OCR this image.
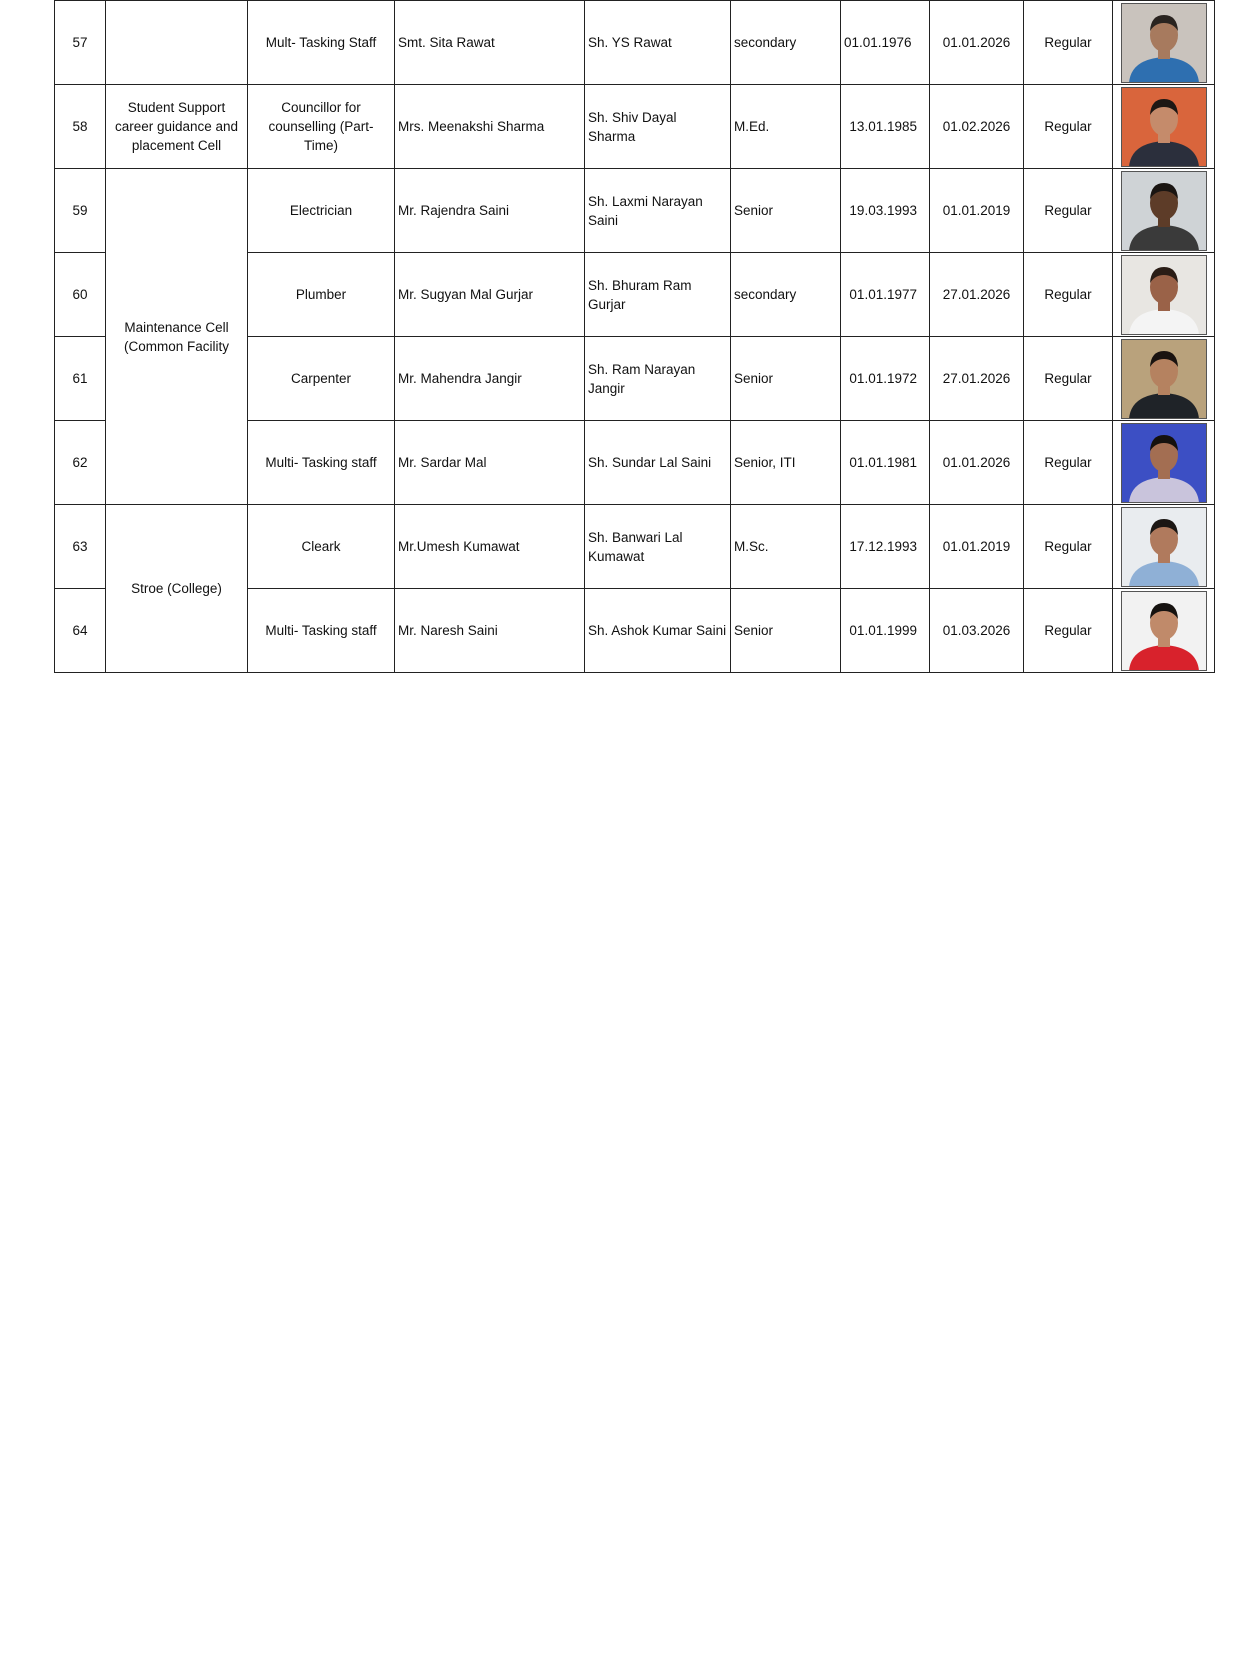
57		Mult- Tasking Staff	Smt. Sita Rawat	Sh. YS Rawat	secondary	01.01.1976	01.01.2026	Regular	
58	Student Support career guidance and placement Cell	Councillor for counselling (Part- Time)	Mrs. Meenakshi Sharma	Sh. Shiv Dayal Sharma	M.Ed.	13.01.1985	01.02.2026	Regular	
59	Maintenance Cell (Common Facility	Electrician	Mr. Rajendra Saini	Sh. Laxmi Narayan Saini	Senior	19.03.1993	01.01.2019	Regular	
60		Plumber	Mr. Sugyan Mal Gurjar	Sh. Bhuram Ram Gurjar	secondary	01.01.1977	27.01.2026	Regular	
61		Carpenter	Mr. Mahendra Jangir	Sh. Ram Narayan Jangir	Senior	01.01.1972	27.01.2026	Regular	
62		Multi- Tasking staff	Mr. Sardar Mal	Sh. Sundar Lal Saini	Senior, ITI	01.01.1981	01.01.2026	Regular	
63	Stroe (College)	Cleark	Mr.Umesh Kumawat	Sh. Banwari Lal Kumawat	M.Sc.	17.12.1993	01.01.2019	Regular	
64		Multi- Tasking staff	Mr. Naresh Saini	Sh. Ashok Kumar Saini	Senior	01.01.1999	01.03.2026	Regular	
